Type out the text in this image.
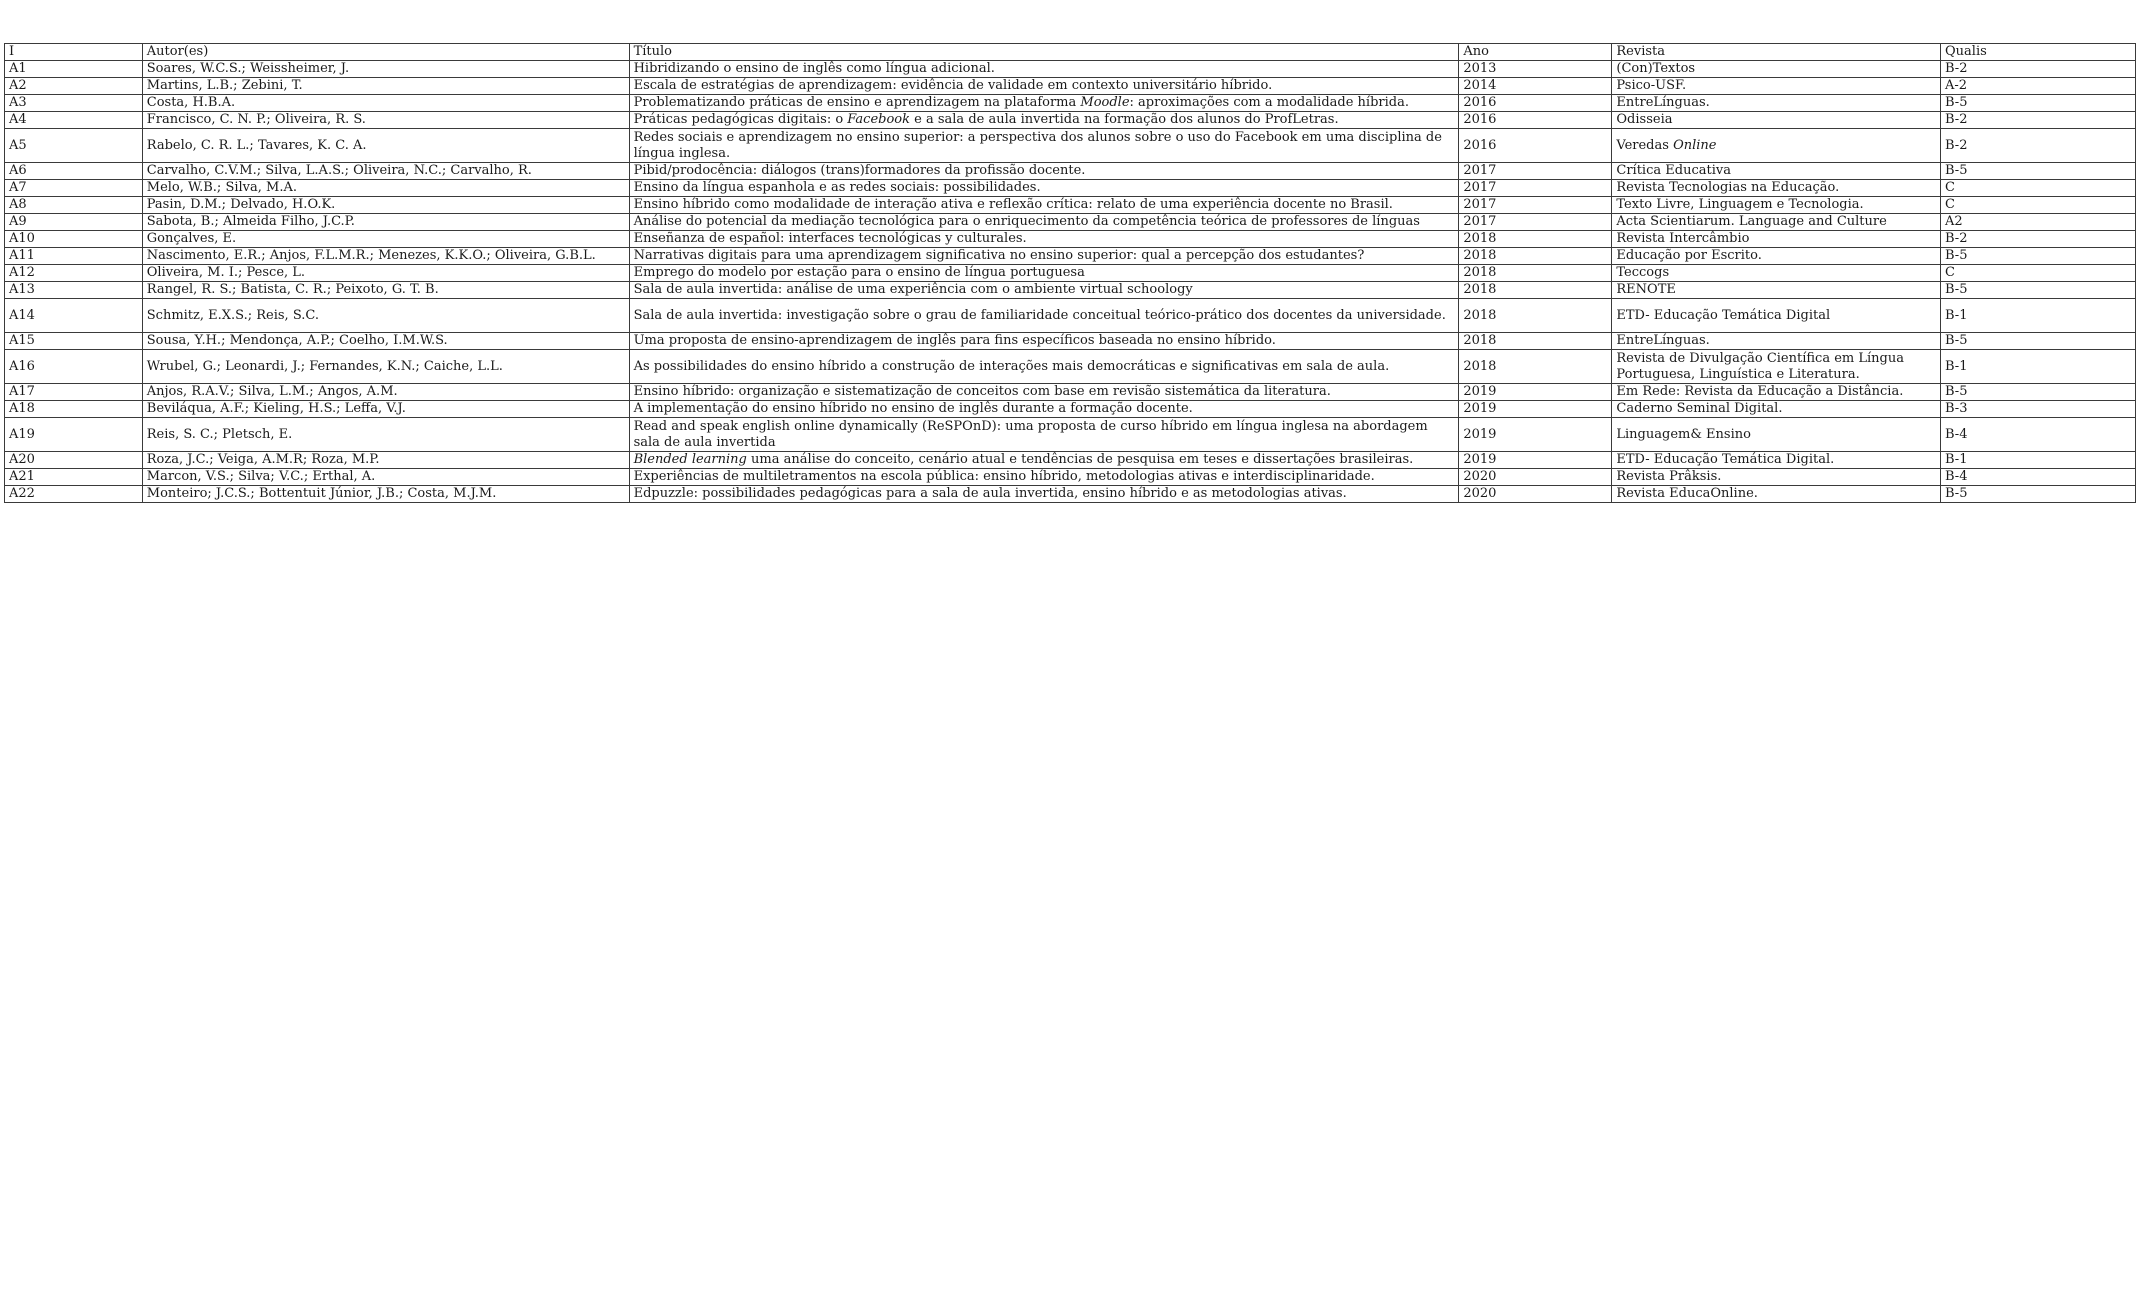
I	Autor(es)	Título	Ano	Revista	Qualis
A1	Soares, W.C.S.; Weissheimer, J.	Hibridizando o ensino de inglês como língua adicional.	2013	(Con)Textos	B-2
A2	Martins, L.B.; Zebini, T.	Escala de estratégias de aprendizagem: evidência de validade em contexto universitário híbrido.	2014	Psico-USF.	A-2
A3	Costa, H.B.A.	Problematizando práticas de ensino e aprendizagem na plataforma Moodle: aproximações com a modalidade híbrida.	2016	EntreLínguas.	B-5
A4	Francisco, C. N. P.; Oliveira, R. S.	Práticas pedagógicas digitais: o Facebook e a sala de aula invertida na formação dos alunos do ProfLetras.	2016	Odisseia	B-2
A5	Rabelo, C. R. L.; Tavares, K. C. A.	Redes sociais e aprendizagem no ensino superior: a perspectiva dos alunos sobre o uso do Facebook em uma disciplina de língua inglesa.	2016	Veredas Online	B-2
A6	Carvalho, C.V.M.; Silva, L.A.S.; Oliveira, N.C.; Carvalho, R.	Pibid/prodocência: diálogos (trans)formadores da profissão docente.	2017	Crítica Educativa	B-5
A7	Melo, W.B.; Silva, M.A.	Ensino da língua espanhola e as redes sociais: possibilidades.	2017	Revista Tecnologias na Educação.	C
A8	Pasin, D.M.; Delvado, H.O.K.	Ensino híbrido como modalidade de interação ativa e reflexão crítica: relato de uma experiência docente no Brasil.	2017	Texto Livre, Linguagem e Tecnologia.	C
A9	Sabota, B.; Almeida Filho, J.C.P.	Análise do potencial da mediação tecnológica para o enriquecimento da competência teórica de professores de línguas	2017	Acta Scientiarum. Language and Culture	A2
A10	Gonçalves, E.	Enseñanza de español: interfaces tecnológicas y culturales.	2018	Revista Intercâmbio	B-2
A11	Nascimento, E.R.; Anjos, F.L.M.R.; Menezes, K.K.O.; Oliveira, G.B.L.	Narrativas digitais para uma aprendizagem significativa no ensino superior: qual a percepção dos estudantes?	2018	Educação por Escrito.	B-5
A12	Oliveira, M. I.; Pesce, L.	Emprego do modelo por estação para o ensino de língua portuguesa	2018	Teccogs	C
A13	Rangel, R. S.; Batista, C. R.; Peixoto, G. T. B.	Sala de aula invertida: análise de uma experiência com o ambiente virtual schoology	2018	RENOTE	B-5
A14	Schmitz, E.X.S.; Reis, S.C.	Sala de aula invertida: investigação sobre o grau de familiaridade conceitual teórico-prático dos docentes da universidade.	2018	ETD- Educação Temática Digital	B-1
A15	Sousa, Y.H.; Mendonça, A.P.; Coelho, I.M.W.S.	Uma proposta de ensino-aprendizagem de inglês para fins específicos baseada no ensino híbrido.	2018	EntreLínguas.	B-5
A16	Wrubel, G.; Leonardi, J.; Fernandes, K.N.; Caiche, L.L.	As possibilidades do ensino híbrido a construção de interações mais democráticas e significativas em sala de aula.	2018	Revista de Divulgação Científica em Língua Portuguesa, Linguística e Literatura.	B-1
A17	Anjos, R.A.V.; Silva, L.M.; Angos, A.M.	Ensino híbrido: organização e sistematização de conceitos com base em revisão sistemática da literatura.	2019	Em Rede: Revista da Educação a Distância.	B-5
A18	Beviláqua, A.F.; Kieling, H.S.; Leffa, V.J.	A implementação do ensino híbrido no ensino de inglês durante a formação docente.	2019	Caderno Seminal Digital.	B-3
A19	Reis, S. C.; Pletsch, E.	Read and speak english online dynamically (ReSPOnD): uma proposta de curso híbrido em língua inglesa na abordagem sala de aula invertida	2019	Linguagem& Ensino	B-4
A20	Roza, J.C.; Veiga, A.M.R; Roza, M.P.	Blended learning uma análise do conceito, cenário atual e tendências de pesquisa em teses e dissertações brasileiras.	2019	ETD- Educação Temática Digital.	B-1
A21	Marcon, V.S.; Silva; V.C.; Erthal, A.	Experiências de multiletramentos na escola pública: ensino híbrido, metodologias ativas e interdisciplinaridade.	2020	Revista Prâksis.	B-4
A22	Monteiro; J.C.S.; Bottentuit Júnior, J.B.; Costa, M.J.M.	Edpuzzle: possibilidades pedagógicas para a sala de aula invertida, ensino híbrido e as metodologias ativas.	2020	Revista EducaOnline.	B-5
